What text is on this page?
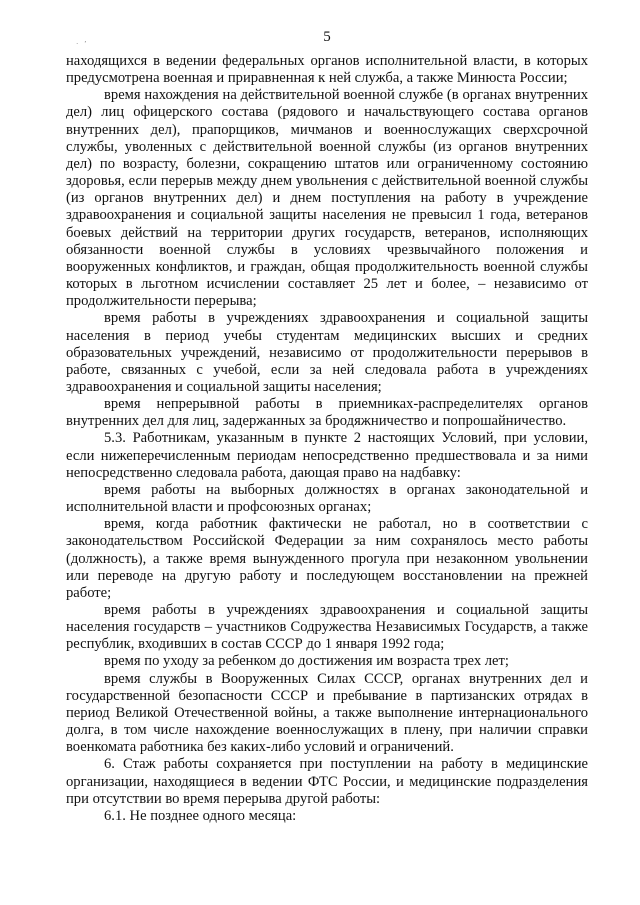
· ’	5

находящихся в ведении федеральных органов исполнительной власти, в которых предусмотрена военная и приравненная к ней служба, а также Минюста России;

время нахождения на действительной военной службе (в органах внутренних дел) лиц офицерского состава (рядового и начальствующего состава органов внутренних дел), прапорщиков, мичманов и военнослужащих сверхсрочной службы, уволенных с действительной военной службы (из органов внутренних дел) по возрасту, болезни, сокращению штатов или ограниченному состоянию здоровья, если перерыв между днем увольнения с действительной военной службы (из органов внутренних дел) и днем поступления на работу в учреждение здравоохранения и социальной защиты населения не превысил 1 года, ветеранов боевых действий на территории других государств, ветеранов, исполняющих обязанности военной службы в условиях чрезвычайного положения и вооруженных конфликтов, и граждан, общая продолжительность военной службы которых в льготном исчислении составляет 25 лет и более, – независимо от продолжительности перерыва;

время работы в учреждениях здравоохранения и социальной защиты населения в период учебы студентам медицинских высших и средних образовательных учреждений, независимо от продолжительности перерывов в работе, связанных с учебой, если за ней следовала работа в учреждениях здравоохранения и социальной защиты населения;

время непрерывной работы в приемниках-распределителях органов внутренних дел для лиц, задержанных за бродяжничество и попрошайничество.

5.3. Работникам, указанным в пункте 2 настоящих Условий, при условии, если нижеперечисленным периодам непосредственно предшествовала и за ними непосредственно следовала работа, дающая право на надбавку:

время работы на выборных должностях в органах законодательной и исполнительной власти и профсоюзных органах;

время, когда работник фактически не работал, но в соответствии с законодательством Российской Федерации за ним сохранялось место работы (должность), а также время вынужденного прогула при незаконном увольнении или переводе на другую работу и последующем восстановлении на прежней работе;

время работы в учреждениях здравоохранения и социальной защиты населения государств – участников Содружества Независимых Государств, а также республик, входивших в состав СССР до 1 января 1992 года;

время по уходу за ребенком до достижения им возраста трех лет;

время службы в Вооруженных Силах СССР, органах внутренних дел и государственной безопасности СССР и пребывание в партизанских отрядах в период Великой Отечественной войны, а также выполнение интернационального долга, в том числе нахождение военнослужащих в плену, при наличии справки военкомата работника без каких-либо условий и ограничений.

6. Стаж работы сохраняется при поступлении на работу в медицинские организации, находящиеся в ведении ФТС России, и медицинские подразделения при отсутствии во время перерыва другой работы:

6.1. Не позднее одного месяца:
